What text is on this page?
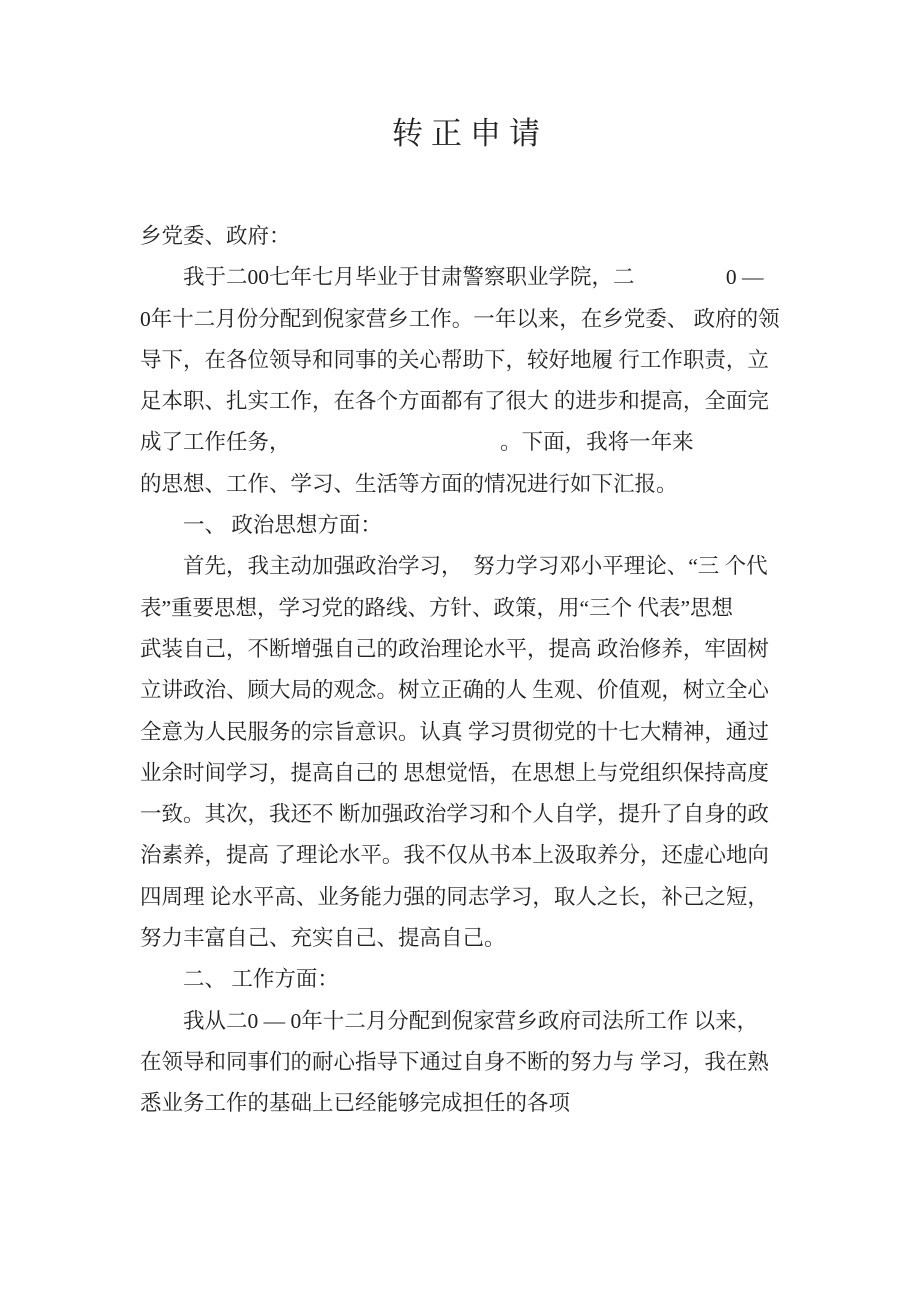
转正申请
乡党委、政府：
　　我于二00七年七月毕业于甘肃警察职业学院，二　　　　 0 —
0年十二月份分配到倪家营乡工作。一年以来，在乡党委、 政府的领
导下，在各位领导和同事的关心帮助下，较好地履 行工作职责，立
足本职、扎实工作，在各个方面都有了很大 的进步和提高，全面完
成了工作任务，　　　　　　　　　　 。下面，我将一年来
的思想、工作、学习、生活等方面的情况进行如下汇报。
　　一、 政治思想方面：
　　首先，我主动加强政治学习，　努力学习邓小平理论、“三 个代
表”重要思想，学习党的路线、方针、政策，用“三个 代表”思想
武装自己，不断增强自己的政治理论水平，提高 政治修养，牢固树
立讲政治、顾大局的观念。树立正确的人 生观、价值观，树立全心
全意为人民服务的宗旨意识。认真 学习贯彻党的十七大精神，通过
业余时间学习，提高自己的 思想觉悟，在思想上与党组织保持高度
一致。其次，我还不 断加强政治学习和个人自学，提升了自身的政
治素养，提高 了理论水平。我不仅从书本上汲取养分，还虚心地向
四周理 论水平高、业务能力强的同志学习，取人之长，补己之短，
努力丰富自己、充实自己、提高自己。
　　二、 工作方面：
　　我从二0 — 0年十二月分配到倪家营乡政府司法所工作 以来，
在领导和同事们的耐心指导下通过自身不断的努力与 学习，我在熟
悉业务工作的基础上已经能够完成担任的各项
